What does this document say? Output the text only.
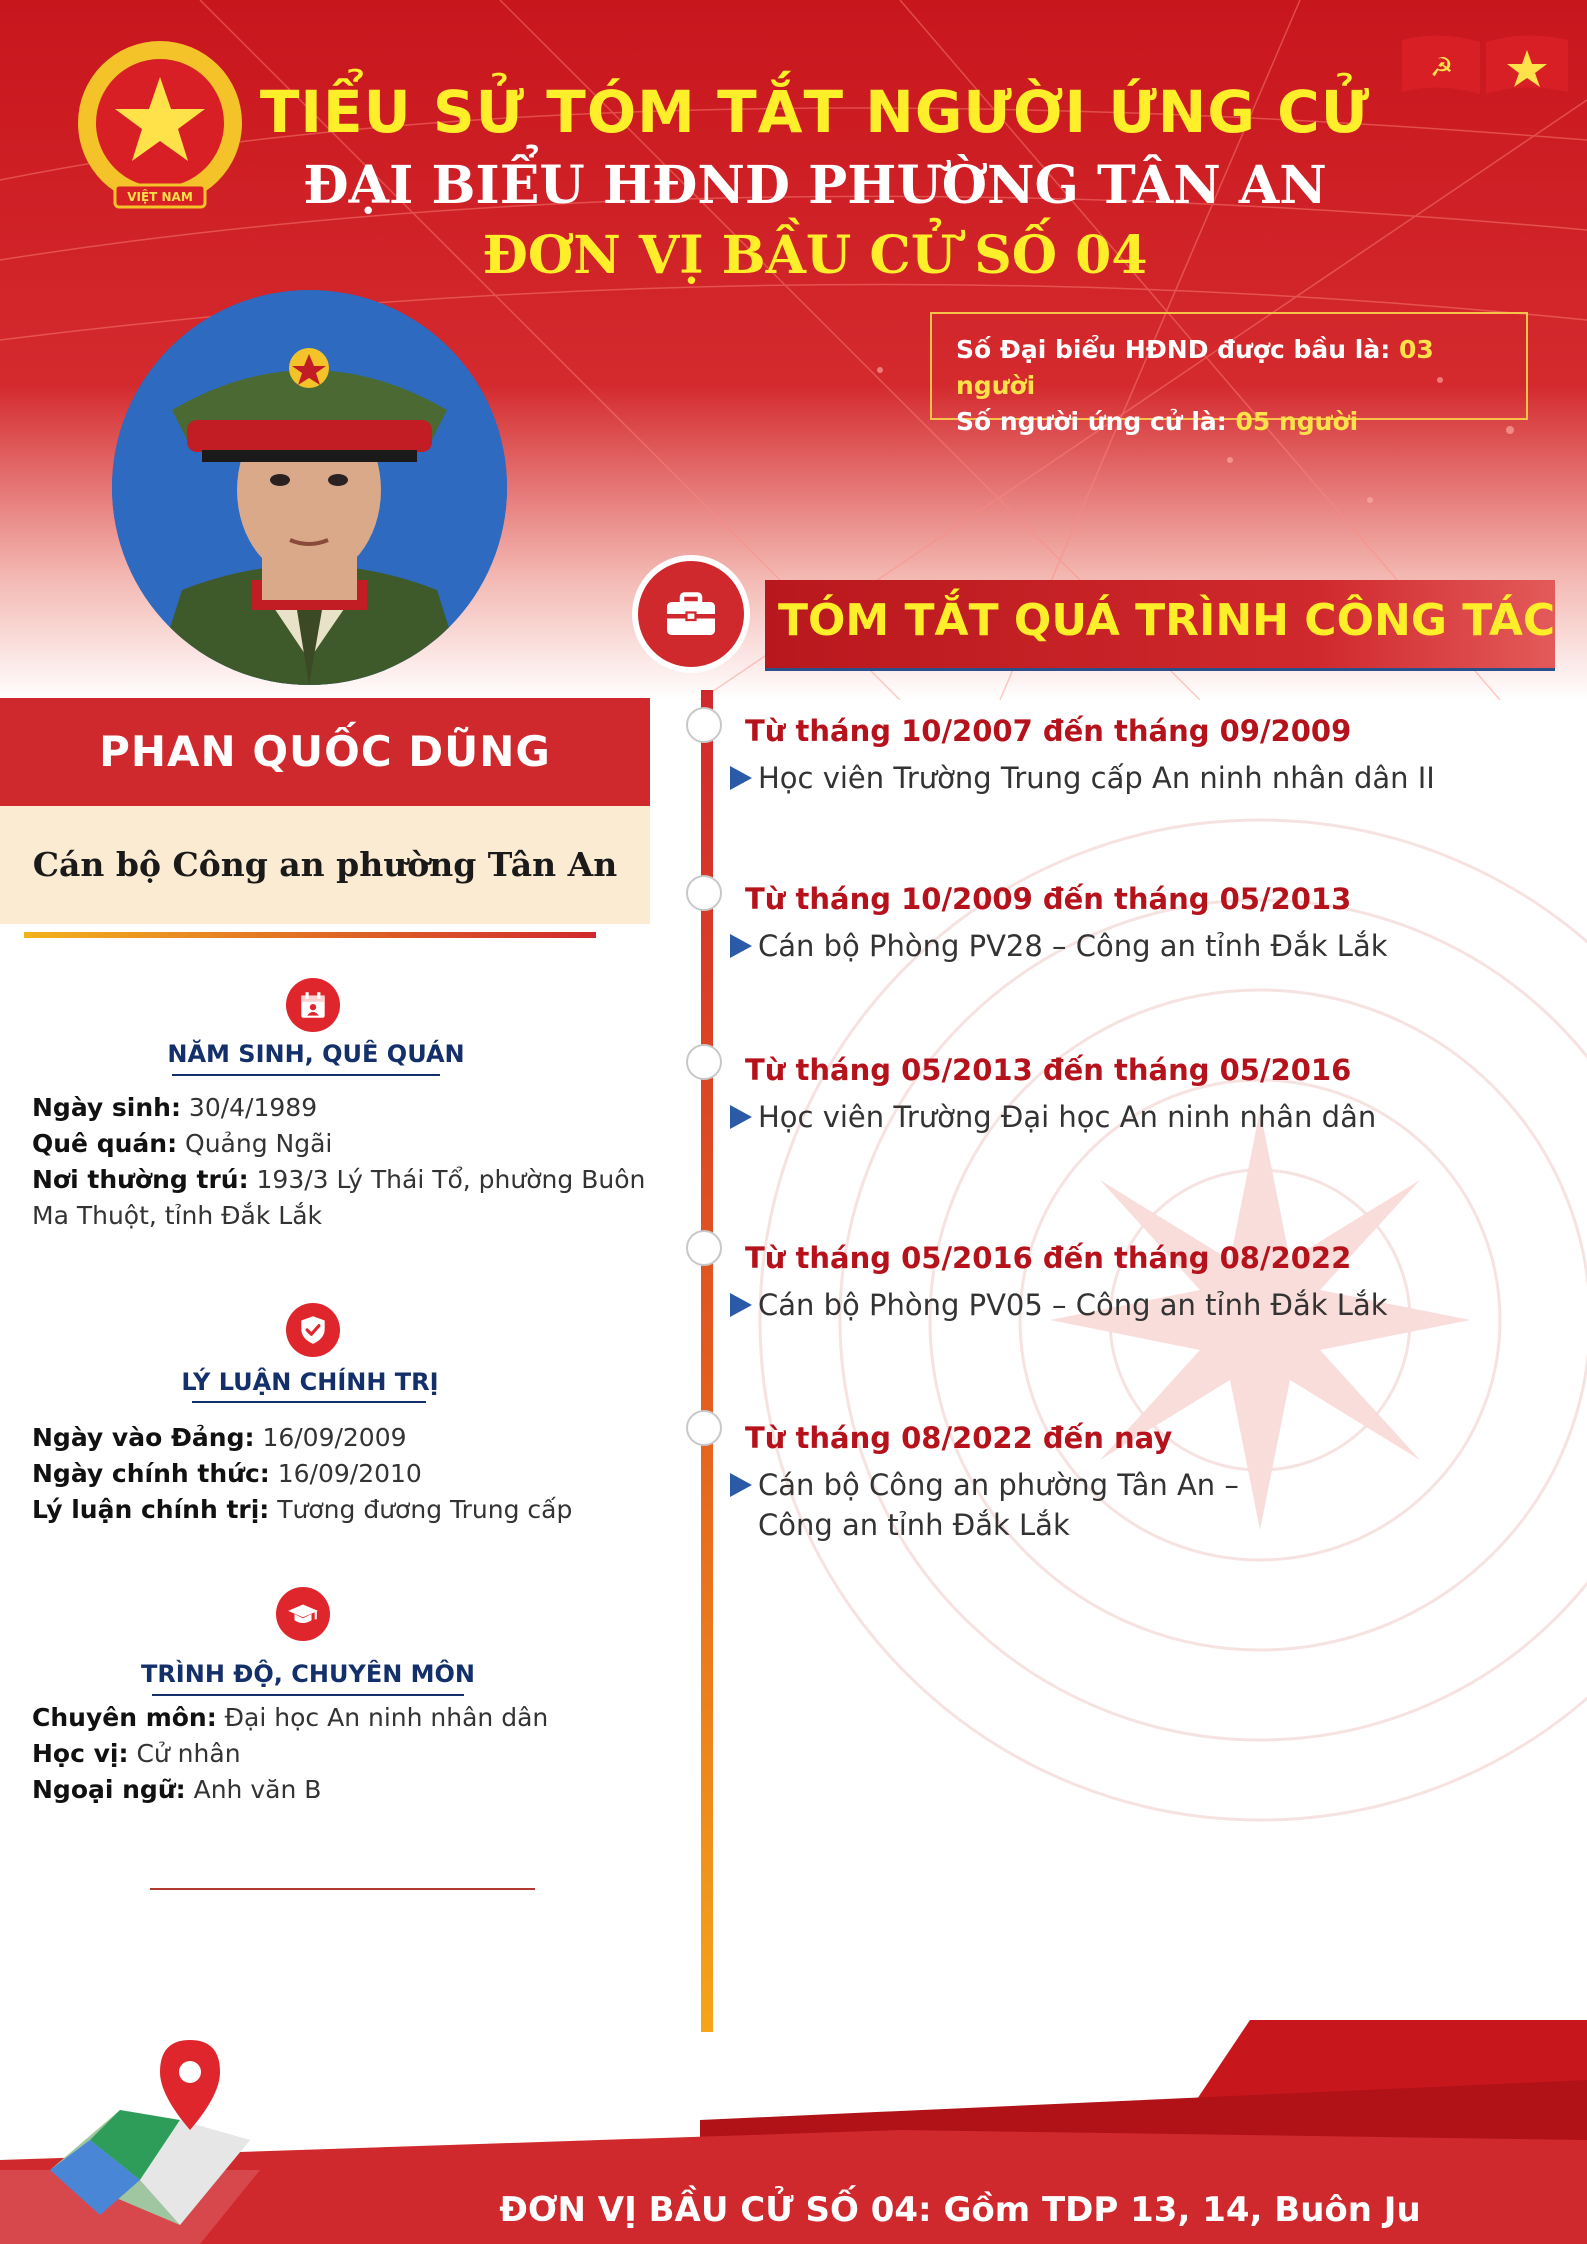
VIỆT NAM
☭
TIỂU SỬ TÓM TẮT NGƯỜI ỨNG CỬ
ĐẠI BIỂU HĐND PHƯỜNG TÂN AN
ĐƠN VỊ BẦU CỬ SỐ 04
Số Đại biểu HĐND được bầu là: 03 người
Số người ứng cử là: 05 người
PHAN QUỐC DŨNG
Cán bộ Công an phường Tân An
NĂM SINH, QUÊ QUÁN
Ngày sinh: 30/4/1989
Quê quán: Quảng Ngãi
Nơi thường trú: 193/3 Lý Thái Tổ, phường Buôn Ma Thuột, tỉnh Đắk Lắk
LÝ LUẬN CHÍNH TRỊ
Ngày vào Đảng: 16/09/2009
Ngày chính thức: 16/09/2010
Lý luận chính trị: Tương đương Trung cấp
TRÌNH ĐỘ, CHUYÊN MÔN
Chuyên môn: Đại học An ninh nhân dân
Học vị: Cử nhân
Ngoại ngữ: Anh văn B
TÓM TẮT QUÁ TRÌNH CÔNG TÁC
Từ tháng 10/2007 đến tháng 09/2009
Học viên Trường Trung cấp An ninh nhân dân II
Từ tháng 10/2009 đến tháng 05/2013
Cán bộ Phòng PV28 – Công an tỉnh Đắk Lắk
Từ tháng 05/2013 đến tháng 05/2016
Học viên Trường Đại học An ninh nhân dân
Từ tháng 05/2016 đến tháng 08/2022
Cán bộ Phòng PV05 – Công an tỉnh Đắk Lắk
Từ tháng 08/2022 đến nay
Cán bộ Công an phường Tân An –
Công an tỉnh Đắk Lắk
ĐƠN VỊ BẦU CỬ SỐ 04: Gồm TDP 13, 14, Buôn Ju
